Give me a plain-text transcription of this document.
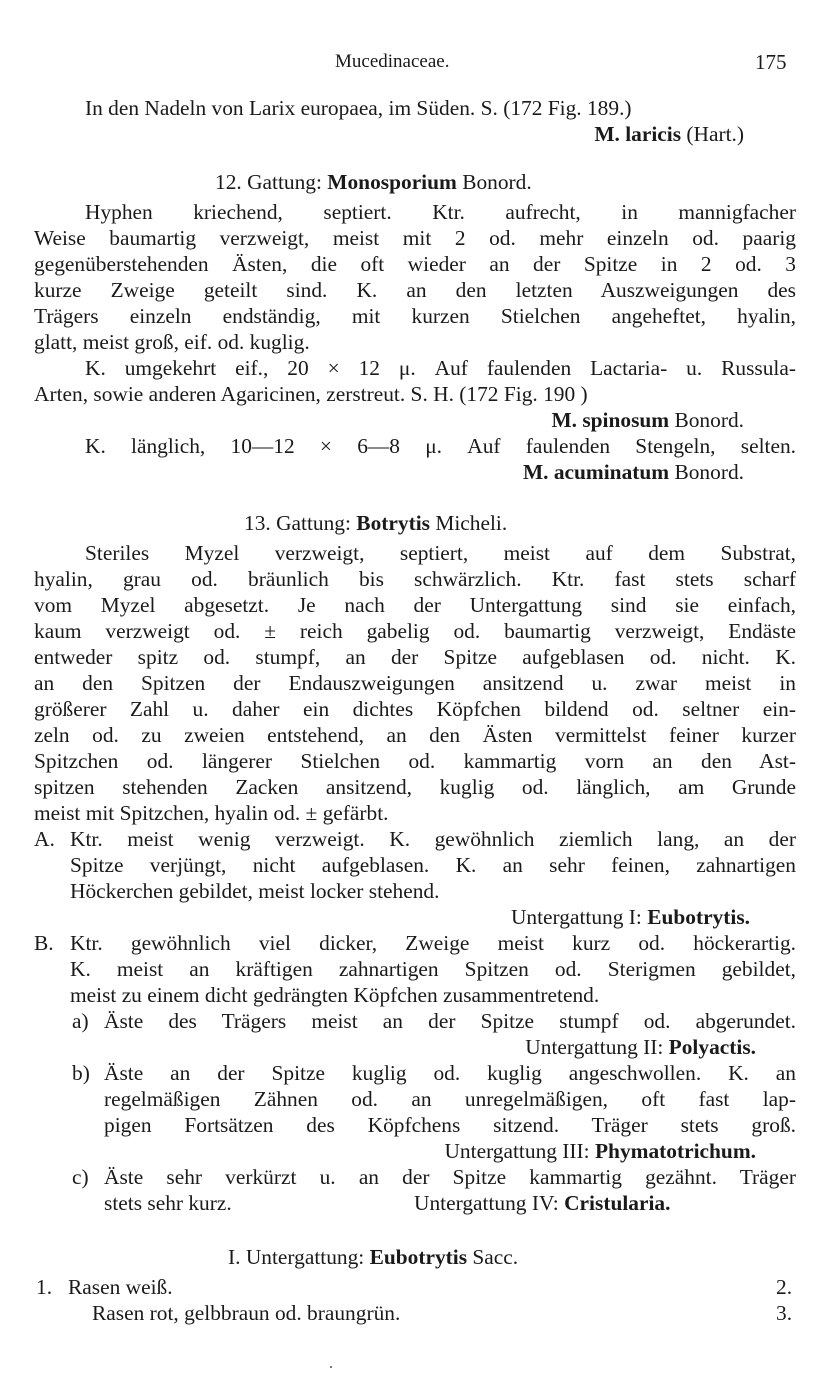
Mucedinaceae.	175
In den Nadeln von Larix europaea, im Süden. S. (172 Fig. 189.)
M. laricis (Hart.)
12. Gattung: Monosporium Bonord.
Hyphen kriechend, septiert. Ktr. aufrecht, in mannigfacher
Weise baumartig verzweigt, meist mit 2 od. mehr einzeln od. paarig
gegenüberstehenden Ästen, die oft wieder an der Spitze in 2 od. 3
kurze Zweige geteilt sind. K. an den letzten Auszweigungen des
Trägers einzeln endständig, mit kurzen Stielchen angeheftet, hyalin,
glatt, meist groß, eif. od. kuglig.
K. umgekehrt eif., 20 × 12 μ. Auf faulenden Lactaria- u. Russula-
Arten, sowie anderen Agaricinen, zerstreut. S. H. (172 Fig. 190 )
M. spinosum Bonord.
K. länglich, 10—12 × 6—8 μ. Auf faulenden Stengeln, selten.
M. acuminatum Bonord.
13. Gattung: Botrytis Micheli.
Steriles Myzel verzweigt, septiert, meist auf dem Substrat,
hyalin, grau od. bräunlich bis schwärzlich. Ktr. fast stets scharf
vom Myzel abgesetzt. Je nach der Untergattung sind sie einfach,
kaum verzweigt od. ± reich gabelig od. baumartig verzweigt, Endäste
entweder spitz od. stumpf, an der Spitze aufgeblasen od. nicht. K.
an den Spitzen der Endauszweigungen ansitzend u. zwar meist in
größerer Zahl u. daher ein dichtes Köpfchen bildend od. seltner ein-
zeln od. zu zweien entstehend, an den Ästen vermittelst feiner kurzer
Spitzchen od. längerer Stielchen od. kammartig vorn an den Ast-
spitzen stehenden Zacken ansitzend, kuglig od. länglich, am Grunde
meist mit Spitzchen, hyalin od. ± gefärbt.
A. Ktr. meist wenig verzweigt. K. gewöhnlich ziemlich lang, an der
Spitze verjüngt, nicht aufgeblasen. K. an sehr feinen, zahnartigen
Höckerchen gebildet, meist locker stehend.
Untergattung I: Eubotrytis.
B. Ktr. gewöhnlich viel dicker, Zweige meist kurz od. höckerartig.
K. meist an kräftigen zahnartigen Spitzen od. Sterigmen gebildet,
meist zu einem dicht gedrängten Köpfchen zusammentretend.
a) Äste des Trägers meist an der Spitze stumpf od. abgerundet.
Untergattung II: Polyactis.
b) Äste an der Spitze kuglig od. kuglig angeschwollen. K. an
regelmäßigen Zähnen od. an unregelmäßigen, oft fast lap-
pigen Fortsätzen des Köpfchens sitzend. Träger stets groß.
Untergattung III: Phymatotrichum.
c) Äste sehr verkürzt u. an der Spitze kammartig gezähnt. Träger
stets sehr kurz.	Untergattung IV: Cristularia.
I. Untergattung: Eubotrytis Sacc.
1. Rasen weiß.	2.
Rasen rot, gelbbraun od. braungrün.	3.
